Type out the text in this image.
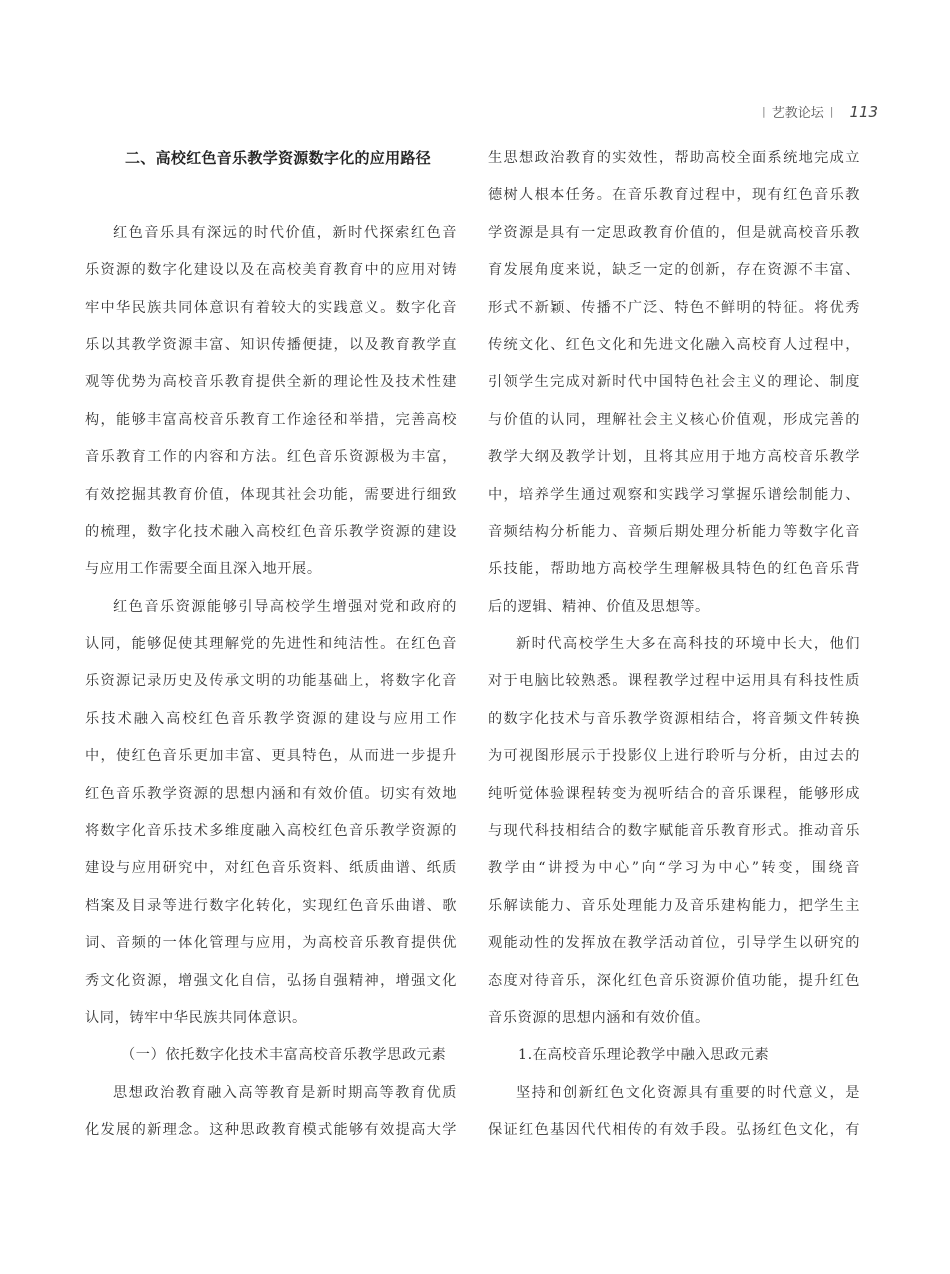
| 艺教论坛 | 113
二、高校红色音乐教学资源数字化的应用路径
红色音乐具有深远的时代价值，新时代探索红色音
乐资源的数字化建设以及在高校美育教育中的应用对铸
牢中华民族共同体意识有着较大的实践意义。数字化音
乐以其教学资源丰富、知识传播便捷，以及教育教学直
观等优势为高校音乐教育提供全新的理论性及技术性建
构，能够丰富高校音乐教育工作途径和举措，完善高校
音乐教育工作的内容和方法。红色音乐资源极为丰富，
有效挖掘其教育价值，体现其社会功能，需要进行细致
的梳理，数字化技术融入高校红色音乐教学资源的建设
与应用工作需要全面且深入地开展。
红色音乐资源能够引导高校学生增强对党和政府的
认同，能够促使其理解党的先进性和纯洁性。在红色音
乐资源记录历史及传承文明的功能基础上，将数字化音
乐技术融入高校红色音乐教学资源的建设与应用工作
中，使红色音乐更加丰富、更具特色，从而进一步提升
红色音乐教学资源的思想内涵和有效价值。切实有效地
将数字化音乐技术多维度融入高校红色音乐教学资源的
建设与应用研究中，对红色音乐资料、纸质曲谱、纸质
档案及目录等进行数字化转化，实现红色音乐曲谱、歌
词、音频的一体化管理与应用，为高校音乐教育提供优
秀文化资源，增强文化自信，弘扬自强精神，增强文化
认同，铸牢中华民族共同体意识。
（一）依托数字化技术丰富高校音乐教学思政元素
思想政治教育融入高等教育是新时期高等教育优质
化发展的新理念。这种思政教育模式能够有效提高大学
生思想政治教育的实效性，帮助高校全面系统地完成立
德树人根本任务。在音乐教育过程中，现有红色音乐教
学资源是具有一定思政教育价值的，但是就高校音乐教
育发展角度来说，缺乏一定的创新，存在资源不丰富、
形式不新颖、传播不广泛、特色不鲜明的特征。将优秀
传统文化、红色文化和先进文化融入高校育人过程中，
引领学生完成对新时代中国特色社会主义的理论、制度
与价值的认同，理解社会主义核心价值观，形成完善的
教学大纲及教学计划，且将其应用于地方高校音乐教学
中，培养学生通过观察和实践学习掌握乐谱绘制能力、
音频结构分析能力、音频后期处理分析能力等数字化音
乐技能，帮助地方高校学生理解极具特色的红色音乐背
后的逻辑、精神、价值及思想等。
新时代高校学生大多在高科技的环境中长大，他们
对于电脑比较熟悉。课程教学过程中运用具有科技性质
的数字化技术与音乐教学资源相结合，将音频文件转换
为可视图形展示于投影仪上进行聆听与分析，由过去的
纯听觉体验课程转变为视听结合的音乐课程，能够形成
与现代科技相结合的数字赋能音乐教育形式。推动音乐
教学由“讲授为中心”向“学习为中心”转变，围绕音
乐解读能力、音乐处理能力及音乐建构能力，把学生主
观能动性的发挥放在教学活动首位，引导学生以研究的
态度对待音乐，深化红色音乐资源价值功能，提升红色
音乐资源的思想内涵和有效价值。
1.在高校音乐理论教学中融入思政元素
坚持和创新红色文化资源具有重要的时代意义，是
保证红色基因代代相传的有效手段。弘扬红色文化，有
